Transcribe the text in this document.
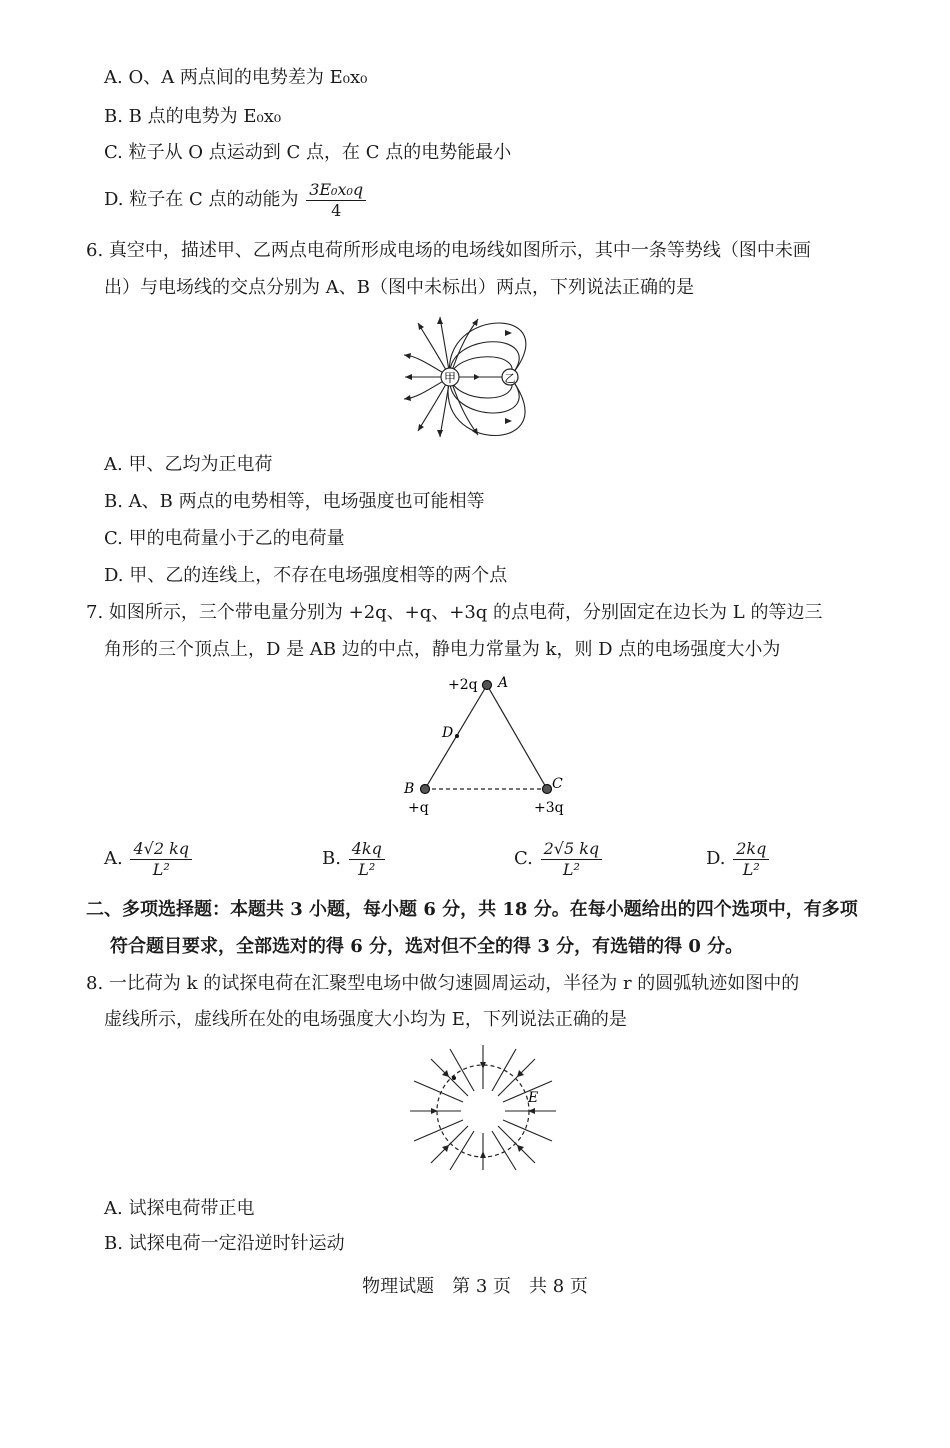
A. O、A 两点间的电势差为 E₀x₀
B. B 点的电势为 E₀x₀
C. 粒子从 O 点运动到 C 点，在 C 点的电势能最小
D. 粒子在 C 点的动能为 $\frac{\text{3E₀x₀q}}{4}$
6. 真空中，描述甲、乙两点电荷所形成电场的电场线如图所示，其中一条等势线（图中未画
出）与电场线的交点分别为 A、B（图中未标出）两点，下列说法正确的是
甲	乙
A. 甲、乙均为正电荷
B. A、B 两点的电势相等，电场强度也可能相等
C. 甲的电荷量小于乙的电荷量
D. 甲、乙的连线上，不存在电场强度相等的两个点
7. 如图所示，三个带电量分别为 +2q、+q、+3q 的点电荷，分别固定在边长为 L 的等边三
角形的三个顶点上，D 是 AB 边的中点，静电力常量为 k，则 D 点的电场强度大小为
+2q A
D
B
+q
C
+3q
A. $\frac{4√2 kq}{\text{L²}}$	B. $\frac{4kq}{\text{L²}}$	C. $\frac{2√5 kq}{\text{L²}}$	D. $\frac{2kq}{\text{L²}}$
二、多项选择题：本题共 3 小题，每小题 6 分，共 18 分。在每小题给出的四个选项中，有多项
符合题目要求，全部选对的得 6 分，选对但不全的得 3 分，有选错的得 0 分。
8. 一比荷为 k 的试探电荷在汇聚型电场中做匀速圆周运动，半径为 r 的圆弧轨迹如图中的
虚线所示，虚线所在处的电场强度大小均为 E，下列说法正确的是
E
A. 试探电荷带正电
B. 试探电荷一定沿逆时针运动
物理试题　第 3 页　共 8 页
